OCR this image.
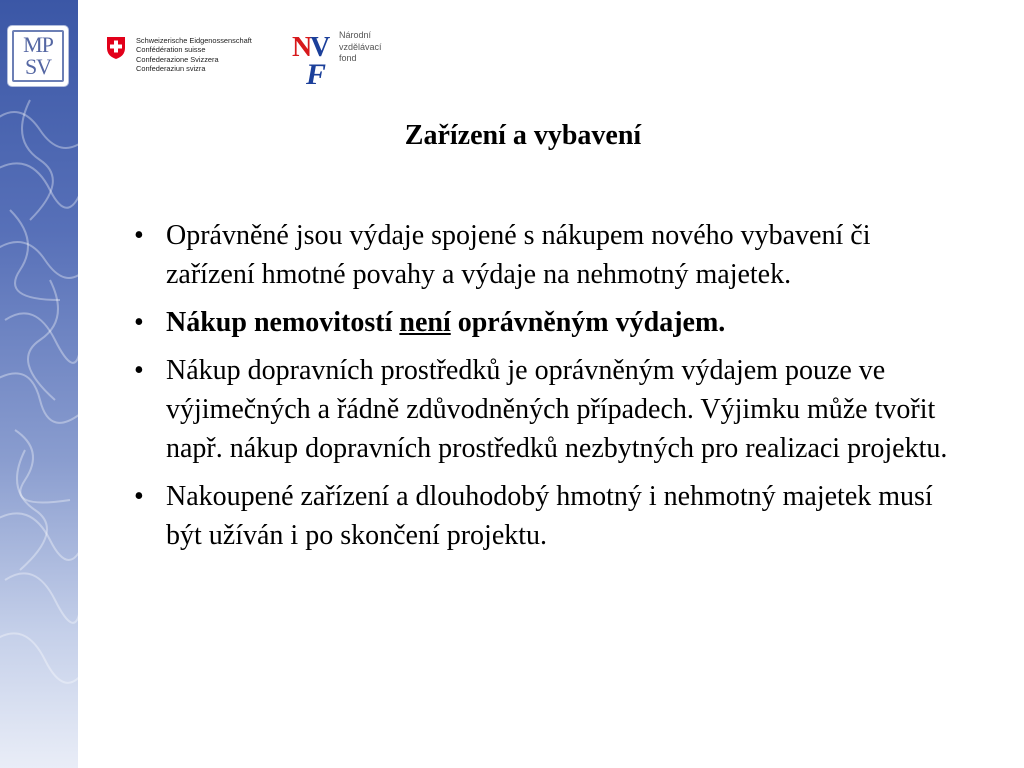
MP
SV
Schweizerische Eidgenossenschaft
Confédération suisse
Confederazione Svizzera
Confederaziun svizra
N
V
F
Národní
vzdělávací
fond
Zařízení a vybavení
• Oprávněné jsou výdaje spojené s nákupem nového vybavení či zařízení hmotné povahy a výdaje na nehmotný majetek.
• Nákup nemovitostí není oprávněným výdajem.
• Nákup dopravních prostředků je oprávněným výdajem pouze ve výjimečných a řádně zdůvodněných případech. Výjimku může tvořit např. nákup dopravních prostředků nezbytných pro realizaci projektu.
• Nakoupené zařízení a dlouhodobý hmotný i nehmotný majetek musí být užíván i po skončení projektu.
